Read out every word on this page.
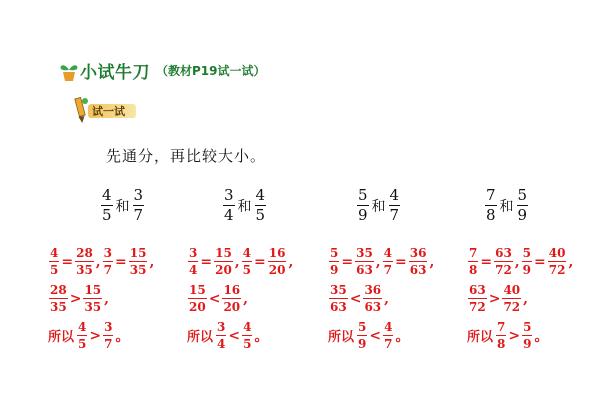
小试牛刀 （教材P19试一试）
试一试
先通分，再比较大小。
$\frac{4}{5}$ 和 $\frac{3}{7}$
$\frac{4}{5} = \frac{28}{35}$ , $\frac{3}{7} = \frac{15}{35}$ ,
$\frac{28}{35} > \frac{15}{35}$ ,
所以 $\frac{4}{5} > \frac{3}{7}$ 。
$\frac{3}{4}$ 和 $\frac{4}{5}$
$\frac{3}{4} = \frac{15}{20}$ , $\frac{4}{5} = \frac{16}{20}$ ,
$\frac{15}{20} < \frac{16}{20}$ ,
所以 $\frac{3}{4} < \frac{4}{5}$ 。
$\frac{5}{9}$ 和 $\frac{4}{7}$
$\frac{5}{9} = \frac{35}{63}$ , $\frac{4}{7} = \frac{36}{63}$ ,
$\frac{35}{63} < \frac{36}{63}$ ,
所以 $\frac{5}{9} < \frac{4}{7}$ 。
$\frac{7}{8}$ 和 $\frac{5}{9}$
$\frac{7}{8} = \frac{63}{72}$ , $\frac{5}{9} = \frac{40}{72}$ ,
$\frac{63}{72} > \frac{40}{72}$ ,
所以 $\frac{7}{8} > \frac{5}{9}$ 。
